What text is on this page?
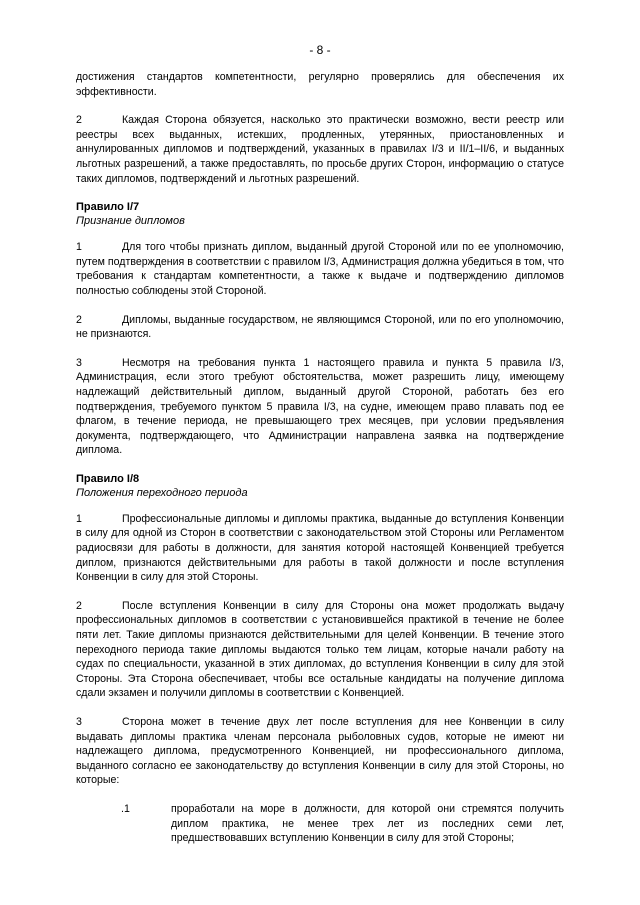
- 8 -

достижения стандартов компетентности, регулярно проверялись для обеспечения их эффективности.

2	Каждая Сторона обязуется, насколько это практически возможно, вести реестр или реестры всех выданных, истекших, продленных, утерянных, приостановленных и аннулированных дипломов и подтверждений, указанных в правилах I/3 и II/1–II/6, и выданных льготных разрешений, а также предоставлять, по просьбе других Сторон, информацию о статусе таких дипломов, подтверждений и льготных разрешений.

Правило I/7
Признание дипломов

1	Для того чтобы признать диплом, выданный другой Стороной или по ее уполномочию, путем подтверждения в соответствии с правилом I/3, Администрация должна убедиться в том, что требования к стандартам компетентности, а также к выдаче и подтверждению дипломов полностью соблюдены этой Стороной.

2	Дипломы, выданные государством, не являющимся Стороной, или по его уполномочию, не признаются.

3	Несмотря на требования пункта 1 настоящего правила и пункта 5 правила I/3, Администрация, если этого требуют обстоятельства, может разрешить лицу, имеющему надлежащий действительный диплом, выданный другой Стороной, работать без его подтверждения, требуемого пунктом 5 правила I/3, на судне, имеющем право плавать под ее флагом, в течение периода, не превышающего трех месяцев, при условии предъявления документа, подтверждающего, что Администрации направлена заявка на подтверждение диплома.

Правило I/8
Положения переходного периода

1	Профессиональные дипломы и дипломы практика, выданные до вступления Конвенции в силу для одной из Сторон в соответствии с законодательством этой Стороны или Регламентом радиосвязи для работы в должности, для занятия которой настоящей Конвенцией требуется диплом, признаются действительными для работы в такой должности и после вступления Конвенции в силу для этой Стороны.

2	После вступления Конвенции в силу для Стороны она может продолжать выдачу профессиональных дипломов в соответствии с установившейся практикой в течение не более пяти лет. Такие дипломы признаются действительными для целей Конвенции. В течение этого переходного периода такие дипломы выдаются только тем лицам, которые начали работу на судах по специальности, указанной в этих дипломах, до вступления Конвенции в силу для этой Стороны. Эта Сторона обеспечивает, чтобы все остальные кандидаты на получение диплома сдали экзамен и получили дипломы в соответствии с Конвенцией.

3	Сторона может в течение двух лет после вступления для нее Конвенции в силу выдавать дипломы практика членам персонала рыболовных судов, которые не имеют ни надлежащего диплома, предусмотренного Конвенцией, ни профессионального диплома, выданного согласно ее законодательству до вступления Конвенции в силу для этой Стороны, но которые:

.1	проработали на море в должности, для которой они стремятся получить диплом практика, не менее трех лет из последних семи лет, предшествовавших вступлению Конвенции в силу для этой Стороны;
